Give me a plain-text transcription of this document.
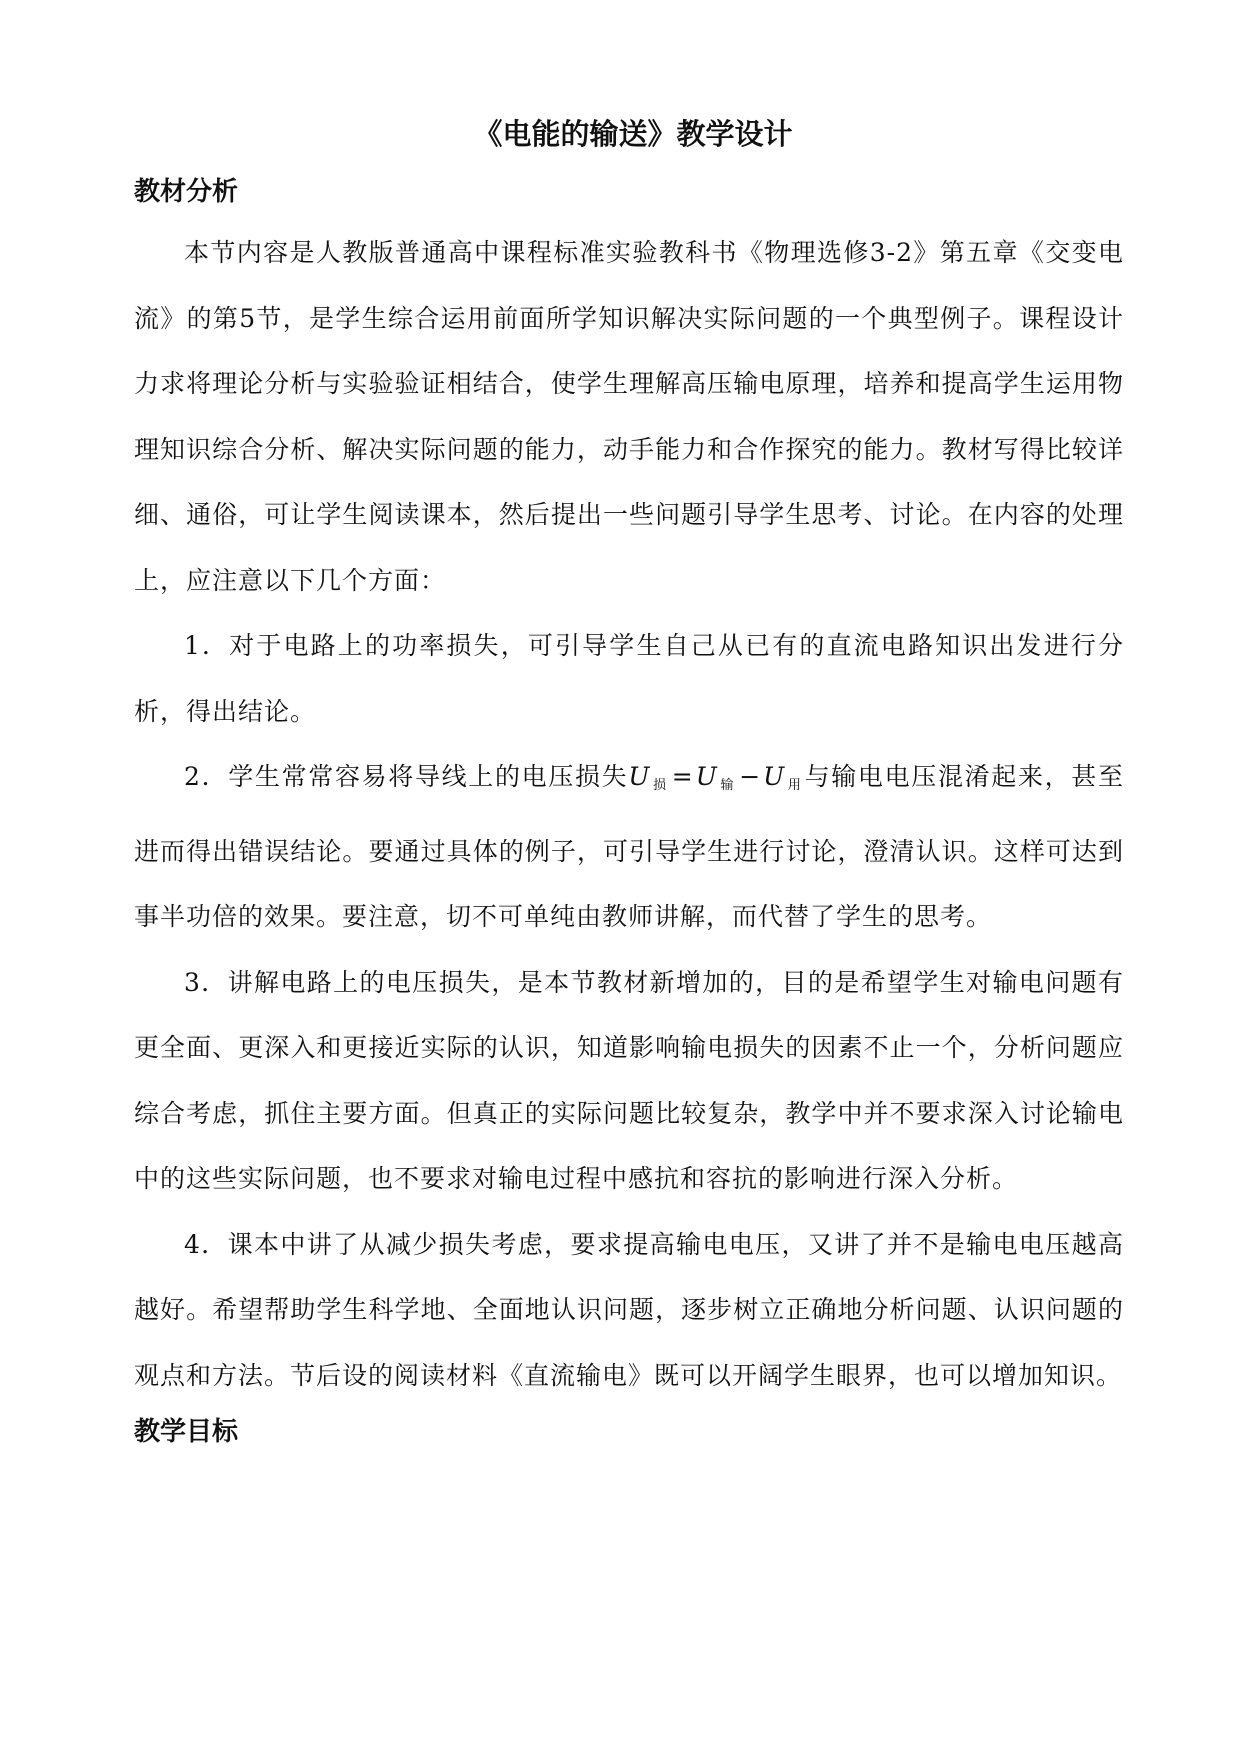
《电能的输送》教学设计
教材分析

本节内容是人教版普通高中课程标准实验教科书《物理选修3-2》第五章《交变电流》的第5节，是学生综合运用前面所学知识解决实际问题的一个典型例子。课程设计力求将理论分析与实验验证相结合，使学生理解高压输电原理，培养和提高学生运用物理知识综合分析、解决实际问题的能力，动手能力和合作探究的能力。教材写得比较详细、通俗，可让学生阅读课本，然后提出一些问题引导学生思考、讨论。在内容的处理上，应注意以下几个方面：

1．对于电路上的功率损失，可引导学生自己从已有的直流电路知识出发进行分析，得出结论。

2．学生常常容易将导线上的电压损失U $_损$ =U $_输$ −U $_用$与输电电压混淆起来，甚至进而得出错误结论。要通过具体的例子，可引导学生进行讨论，澄清认识。这样可达到事半功倍的效果。要注意，切不可单纯由教师讲解，而代替了学生的思考。

3．讲解电路上的电压损失，是本节教材新增加的，目的是希望学生对输电问题有更全面、更深入和更接近实际的认识，知道影响输电损失的因素不止一个，分析问题应综合考虑，抓住主要方面。但真正的实际问题比较复杂，教学中并不要求深入讨论输电中的这些实际问题，也不要求对输电过程中感抗和容抗的影响进行深入分析。

4．课本中讲了从减少损失考虑，要求提高输电电压，又讲了并不是输电电压越高越好。希望帮助学生科学地、全面地认识问题，逐步树立正确地分析问题、认识问题的观点和方法。节后设的阅读材料《直流输电》既可以开阔学生眼界，也可以增加知识。

教学目标
